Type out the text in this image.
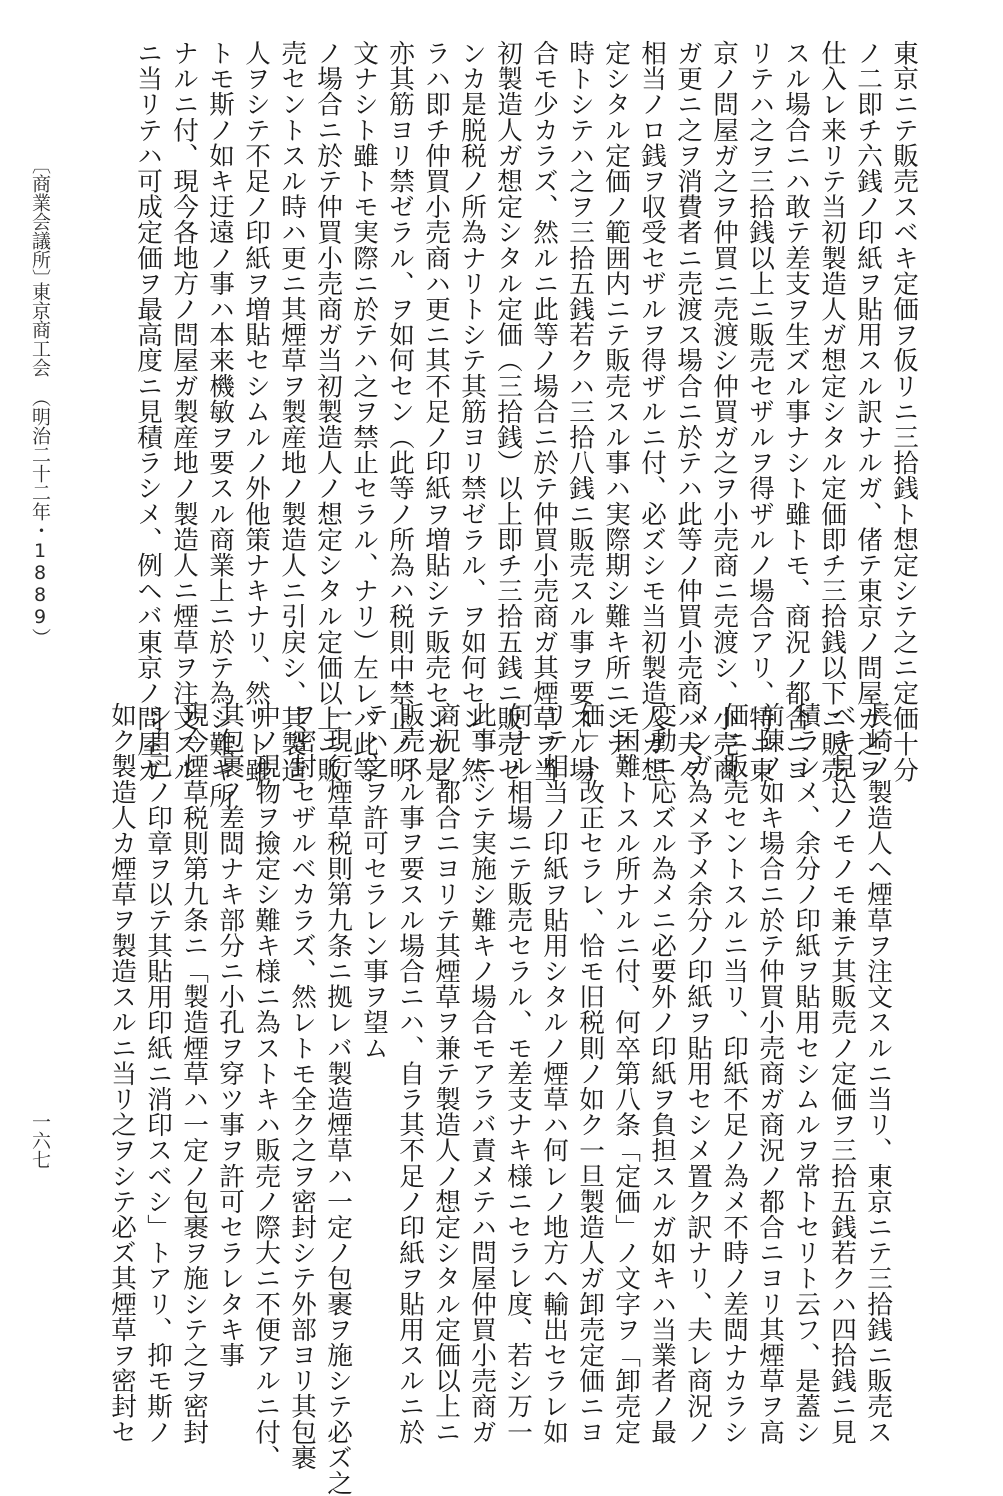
東京ニテ販売スベキ定価ヲ仮リニ三拾銭ト想定シテ之ニ定価十分

ノ二即チ六銭ノ印紙ヲ貼用スル訳ナルガ、偖テ東京ノ問屋ガ之ヲ

仕入レ来リテ当初製造人ガ想定シタル定価即チ三拾銭以下ニ販売

スル場合ニハ敢テ差支ヲ生ズル事ナシト雖トモ、商況ノ都合ニヨ

リテハ之ヲ三拾銭以上ニ販売セザルヲ得ザルノ場合アリ、特ニ東

京ノ問屋ガ之ヲ仲買ニ売渡シ仲買ガ之ヲ小売商ニ売渡シ、小売商

ガ更ニ之ヲ消費者ニ売渡ス場合ニ於テハ此等ノ仲買小売商ハ夫々

相当ノロ銭ヲ収受セザルヲ得ザルニ付、必ズシモ当初製造人ガ想

定シタル定価ノ範囲内ニテ販売スル事ハ実際期シ難キ所ニシテ、

時トシテハ之ヲ三拾五銭若クハ三拾八銭ニ販売スル事ヲ要スル場

合モ少カラズ、然ルニ此等ノ場合ニ於テ仲買小売商ガ其煙草ヲ当

初製造人ガ想定シタル定価（三拾銭）以上即チ三拾五銭ニ販売セ

ンカ是脱税ノ所為ナリトシテ其筋ヨリ禁ゼラル、ヲ如何セン、然

ラハ即チ仲買小売商ハ更ニ其不足ノ印紙ヲ増貼シテ販売センカ是

亦其筋ヨリ禁ゼラル、ヲ如何セン（此等ノ所為ハ税則中禁止ノ明

文ナシト雖トモ実際ニ於テハ之ヲ禁止セラル、ナリ）左レバ此等

ノ場合ニ於テ仲買小売商ガ当初製造人ノ想定シタル定価以上ニ販

売セントスル時ハ更ニ其煙草ヲ製産地ノ製造人ニ引戻シ、其製造

人ヲシテ不足ノ印紙ヲ増貼セシムルノ外他策ナキナリ、然リト雖

トモ斯ノ如キ迂遠ノ事ハ本来機敏ヲ要スル商業上ニ於テ為シ難キ所

ナルニ付、現今各地方ノ問屋ガ製産地ノ製造人ニ煙草ヲ注文スル

ニ当リテハ可成定価ヲ最高度ニ見積ラシメ、例ヘバ東京ノ問屋ガ

長崎ノ製造人ヘ煙草ヲ注文スルニ当リ、東京ニテ三拾銭ニ販売ス

ベキ見込ノモノモ兼テ其販売ノ定価ヲ三拾五銭若クハ四拾銭ニ見

積ラシメ、余分ノ印紙ヲ貼用セシムルヲ常トセリト云フ、是蓋シ

前陳ノ如キ場合ニ於テ仲買小売商ガ商況ノ都合ニヨリ其煙草ヲ高

価ニ販売セントスルニ当リ、印紙不足ノ為メ不時ノ差閊ナカラシ

メンガ為メ予メ余分ノ印紙ヲ貼用セシメ置ク訳ナリ、夫レ商況ノ

変動ニ応ズル為メニ必要外ノ印紙ヲ負担スルガ如キハ当業者ノ最

モ困難トスル所ナルニ付、何卒第八条「定価」ノ文字ヲ「卸売定

価」ト改正セラレ、恰モ旧税則ノ如ク一旦製造人ガ卸売定価ニヨ

リテ相当ノ印紙ヲ貼用シタルノ煙草ハ何レノ地方ヘ輸出セラレ如

何ナル相場ニテ販売セラル、モ差支ナキ様ニセラレ度、若シ万一

此事ニシテ実施シ難キノ場合モアラバ責メテハ問屋仲買小売商ガ

商況ノ都合ニヨリテ其煙草ヲ兼テ製造人ノ想定シタル定価以上ニ

販売スル事ヲ要スル場合ニハ、自ラ其不足ノ印紙ヲ貼用スルニ於

テハ之ヲ許可セラレン事ヲ望ム

一現行煙草税則第九条ニ拠レバ製造煙草ハ一定ノ包裹ヲ施シテ必ズ之

ヲ密封セザルベカラズ、然レトモ全ク之ヲ密封シテ外部ヨリ其包裹

中ノ現物ヲ撿定シ難キ様ニ為ストキハ販売ノ際大ニ不便アルニ付、

其包裹ノ差閊ナキ部分ニ小孔ヲ穿ツ事ヲ許可セラレタキ事

現今煙草税則第九条ニ「製造煙草ハ一定ノ包裹ヲ施シテ之ヲ密封

シ自己ノ印章ヲ以テ其貼用印紙ニ消印スベシ」トアリ、抑モ斯ノ

如ク製造人カ煙草ヲ製造スルニ当リ之ヲシテ必ズ其煙草ヲ密封セ

〔商業会議所〕
東京商工会
（明治二十二年・1889）
一六七
